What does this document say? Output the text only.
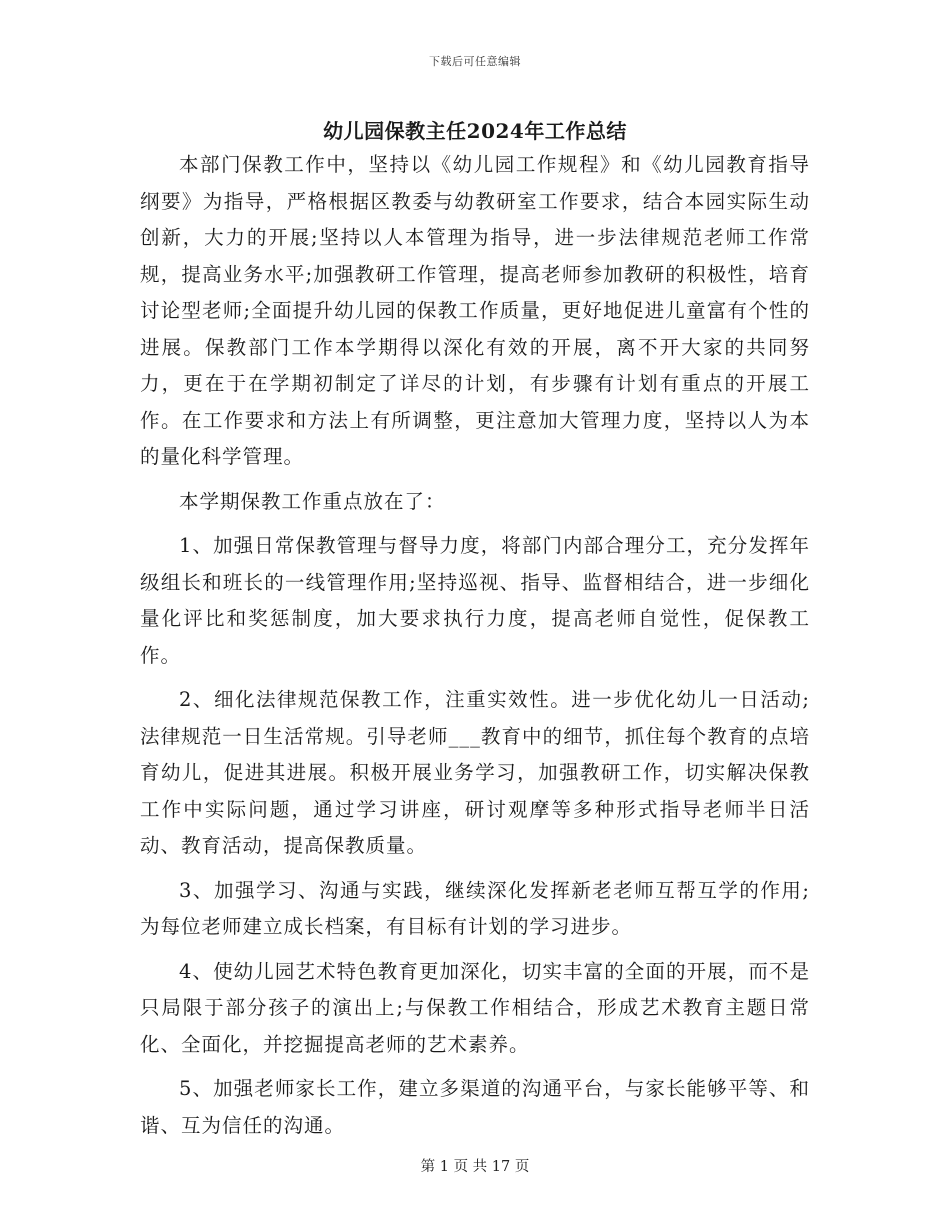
下载后可任意编辑
幼儿园保教主任2024年工作总结

本部门保教工作中，坚持以《幼儿园工作规程》和《幼儿园教育指导纲要》为指导，严格根据区教委与幼教研室工作要求，结合本园实际生动创新，大力的开展;坚持以人本管理为指导，进一步法律规范老师工作常规，提高业务水平;加强教研工作管理，提高老师参加教研的积极性，培育讨论型老师;全面提升幼儿园的保教工作质量，更好地促进儿童富有个性的进展。保教部门工作本学期得以深化有效的开展，离不开大家的共同努力，更在于在学期初制定了详尽的计划，有步骤有计划有重点的开展工作。在工作要求和方法上有所调整，更注意加大管理力度，坚持以人为本的量化科学管理。

本学期保教工作重点放在了：

1、加强日常保教管理与督导力度，将部门内部合理分工，充分发挥年级组长和班长的一线管理作用;坚持巡视、指导、监督相结合，进一步细化量化评比和奖惩制度，加大要求执行力度，提高老师自觉性，促保教工作。

2、细化法律规范保教工作，注重实效性。进一步优化幼儿一日活动;法律规范一日生活常规。引导老师___教育中的细节，抓住每个教育的点培育幼儿，促进其进展。积极开展业务学习，加强教研工作，切实解决保教工作中实际问题，通过学习讲座，研讨观摩等多种形式指导老师半日活动、教育活动，提高保教质量。

3、加强学习、沟通与实践，继续深化发挥新老老师互帮互学的作用;为每位老师建立成长档案，有目标有计划的学习进步。

4、使幼儿园艺术特色教育更加深化，切实丰富的全面的开展，而不是只局限于部分孩子的演出上;与保教工作相结合，形成艺术教育主题日常化、全面化，并挖掘提高老师的艺术素养。

5、加强老师家长工作，建立多渠道的沟通平台，与家长能够平等、和谐、互为信任的沟通。

第 1 页 共 17 页
